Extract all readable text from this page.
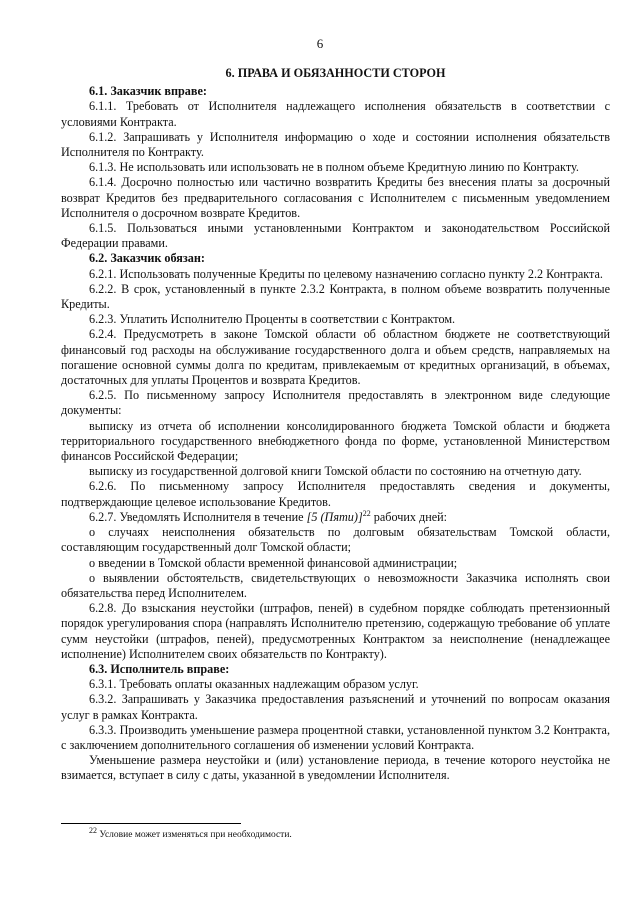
6
6. ПРАВА И ОБЯЗАННОСТИ СТОРОН
6.1. Заказчик вправе:
6.1.1. Требовать от Исполнителя надлежащего исполнения обязательств в соответствии с условиями Контракта.
6.1.2. Запрашивать у Исполнителя информацию о ходе и состоянии исполнения обязательств Исполнителя по Контракту.
6.1.3. Не использовать или использовать не в полном объеме Кредитную линию по Контракту.
6.1.4. Досрочно полностью или частично возвратить Кредиты без внесения платы за досрочный возврат Кредитов без предварительного согласования с Исполнителем с письменным уведомлением Исполнителя о досрочном возврате Кредитов.
6.1.5. Пользоваться иными установленными Контрактом и законодательством Российской Федерации правами.
6.2. Заказчик обязан:
6.2.1. Использовать полученные Кредиты по целевому назначению согласно пункту 2.2 Контракта.
6.2.2. В срок, установленный в пункте 2.3.2 Контракта, в полном объеме возвратить полученные Кредиты.
6.2.3. Уплатить Исполнителю Проценты в соответствии с Контрактом.
6.2.4. Предусмотреть в законе Томской области об областном бюджете не соответствующий финансовый год расходы на обслуживание государственного долга и объем средств, направляемых на погашение основной суммы долга по кредитам, привлекаемым от кредитных организаций, в объемах, достаточных для уплаты Процентов и возврата Кредитов.
6.2.5. По письменному запросу Исполнителя предоставлять в электронном виде следующие документы:
выписку из отчета об исполнении консолидированного бюджета Томской области и бюджета территориального государственного внебюджетного фонда по форме, установленной Министерством финансов Российской Федерации;
выписку из государственной долговой книги Томской области по состоянию на отчетную дату.
6.2.6. По письменному запросу Исполнителя предоставлять сведения и документы, подтверждающие целевое использование Кредитов.
6.2.7. Уведомлять Исполнителя в течение [5 (Пяти)]$^{22}$ рабочих дней:
о случаях неисполнения обязательств по долговым обязательствам Томской области, составляющим государственный долг Томской области;
о введении в Томской области временной финансовой администрации;
о выявлении обстоятельств, свидетельствующих о невозможности Заказчика исполнять свои обязательства перед Исполнителем.
6.2.8. До взыскания неустойки (штрафов, пеней) в судебном порядке соблюдать претензионный порядок урегулирования спора (направлять Исполнителю претензию, содержащую требование об уплате сумм неустойки (штрафов, пеней), предусмотренных Контрактом за неисполнение (ненадлежащее исполнение) Исполнителем своих обязательств по Контракту).
6.3. Исполнитель вправе:
6.3.1. Требовать оплаты оказанных надлежащим образом услуг.
6.3.2. Запрашивать у Заказчика предоставления разъяснений и уточнений по вопросам оказания услуг в рамках Контракта.
6.3.3. Производить уменьшение размера процентной ставки, установленной пунктом 3.2 Контракта, с заключением дополнительного соглашения об изменении условий Контракта.
Уменьшение размера неустойки и (или) установление периода, в течение которого неустойка не взимается, вступает в силу с даты, указанной в уведомлении Исполнителя.
$^{22}$ Условие может изменяться при необходимости.
